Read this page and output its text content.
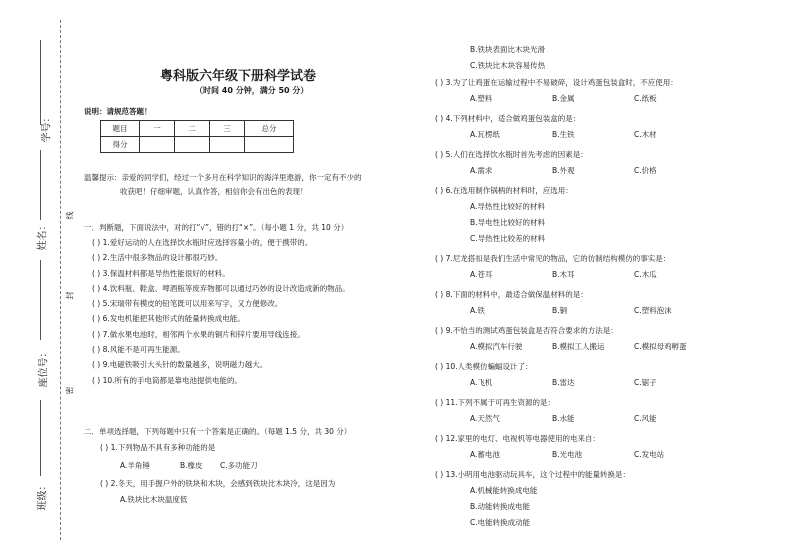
学号：
姓名：
座位号：
班级：
线
封
密
粤科版六年级下册科学试卷
（时间 40 分钟，满分 50 分）
说明：请规范答题！
题目	一	二	三	总分
得分				
温馨提示：亲爱的同学们，经过一个多月在科学知识的海洋里遨游，你一定有不少的
收获吧！仔细审题，认真作答，相信你会有出色的表现！
一．判断题，下面说法中，对的打“√”，错的打“×”。（每小题 1 分，共 10 分）
( ) 1.爱好运动的人在选择饮水瓶时应选择容量小的，便于携带的。
( ) 2.生活中很多物品的设计都很巧妙。
( ) 3.保温材料都是导热性能很好的材料。
( ) 4.饮料瓶、鞋盒、啤酒瓶等废弃物都可以通过巧妙的设计改造成新的物品。
( ) 5.宋瑞带有模皮的铅笔既可以用来写字，又方便修改。
( ) 6.发电机能把其他形式的能量转换成电能。
( ) 7.做水果电池时，相邻两个水果的铜片和锌片要用导线连接。
( ) 8.风能不是可再生能源。
( ) 9.电磁铁吸引大头针的数量越多，说明磁力越大。
( ) 10.所有的手电筒都是靠电池提供电能的。
二．单项选择题，下列每题中只有一个答案是正确的。（每题 1.5 分，共 30 分）
( ) 1.下列物品不具有多种功能的是
A.羊角锤	B.橡皮 C.多功能刀
( ) 2.冬天，用手握户外的铁块和木块，会感到铁块比木块冷，这是因为
A.铁块比木块温度低
B.铁块表面比木块光滑
C.铁块比木块容易传热
( ) 3.为了让鸡蛋在运输过程中不易破碎，设计鸡蛋包装盒时，不应使用：
A.塑料	B.金属	C.纸板
( ) 4.下列材料中，适合做鸡蛋包装盒的是：
A.瓦楞纸	B.生铁	C.木材
( ) 5.人们在选择饮水瓶时首先考虑的因素是：
A.需求	B.外观	C.价格
( ) 6.在选用制作锅柄的材料时，应选用：
A.导热性比较好的材料
B.导电性比较好的材料
C.导热性比较差的材料
( ) 7.尼龙搭扣是我们生活中常见的物品，它的仿制结构模仿的事实是：
A.苍耳	B.木耳	C.木瓜
( ) 8.下面的材料中，最适合做保温材料的是：
A.铁	B.铜	C.塑料泡沫
( ) 9.不恰当的测试鸡蛋包装盒是否符合要求的方法是：
A.模拟汽车行驶	B.模拟工人搬运	C.模拟母鸡孵蛋
( ) 10.人类模仿蝙蝠设计了：
A.飞机	B.雷达	C.锯子
( ) 11.下列不属于可再生资源的是：
A.天然气	B.水能	C.风能
( ) 12.家里的电灯、电视机等电器使用的电来自：
A.蓄电池	B.光电池	C.发电站
( ) 13.小明用电池驱动玩具车，这个过程中的能量转换是：
A.机械能转换成电能
B.动能转换成电能
C.电能转换成动能
